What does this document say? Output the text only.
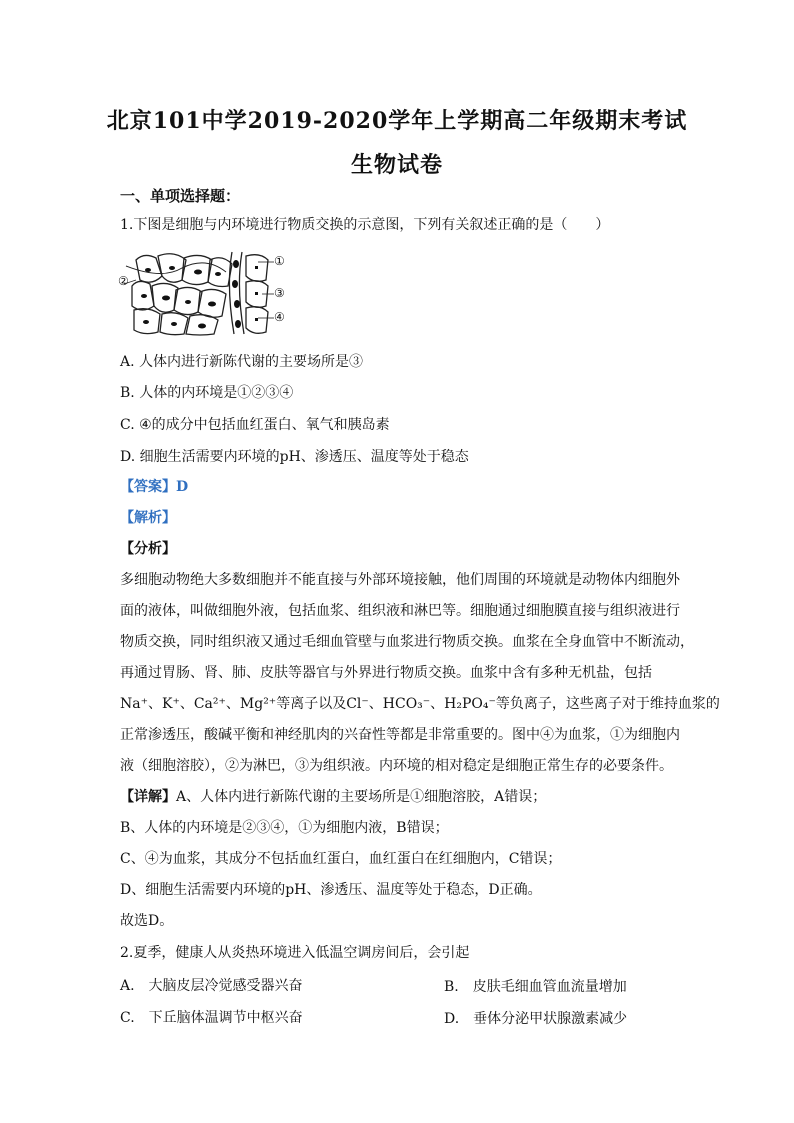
北京101中学2019-2020学年上学期高二年级期末考试
生物试卷
一、单项选择题：
1.下图是细胞与内环境进行物质交换的示意图，下列有关叙述正确的是（　　）
①
②
③
④
A. 人体内进行新陈代谢的主要场所是③
B. 人体的内环境是①②③④
C. ④的成分中包括血红蛋白、氧气和胰岛素
D. 细胞生活需要内环境的pH、渗透压、温度等处于稳态
【答案】D
【解析】
【分析】
多细胞动物绝大多数细胞并不能直接与外部环境接触，他们周围的环境就是动物体内细胞外
面的液体，叫做细胞外液，包括血浆、组织液和淋巴等。细胞通过细胞膜直接与组织液进行
物质交换，同时组织液又通过毛细血管壁与血浆进行物质交换。血浆在全身血管中不断流动，
再通过胃肠、肾、肺、皮肤等器官与外界进行物质交换。血浆中含有多种无机盐，包括
Na⁺、K⁺、Ca²⁺、Mg²⁺等离子以及Cl⁻、HCO₃⁻、H₂PO₄⁻等负离子，这些离子对于维持血浆的
正常渗透压，酸碱平衡和神经肌肉的兴奋性等都是非常重要的。图中④为血浆，①为细胞内
液（细胞溶胶），②为淋巴，③为组织液。内环境的相对稳定是细胞正常生存的必要条件。
【详解】A、人体内进行新陈代谢的主要场所是①细胞溶胶，A错误；
B、人体的内环境是②③④，①为细胞内液，B错误；
C、④为血浆，其成分不包括血红蛋白，血红蛋白在红细胞内，C错误；
D、细胞生活需要内环境的pH、渗透压、温度等处于稳态，D正确。
故选D。
2.夏季，健康人从炎热环境进入低温空调房间后，会引起
A.　大脑皮层冷觉感受器兴奋	B.　皮肤毛细血管血流量增加
C.　下丘脑体温调节中枢兴奋	D.　垂体分泌甲状腺激素减少
